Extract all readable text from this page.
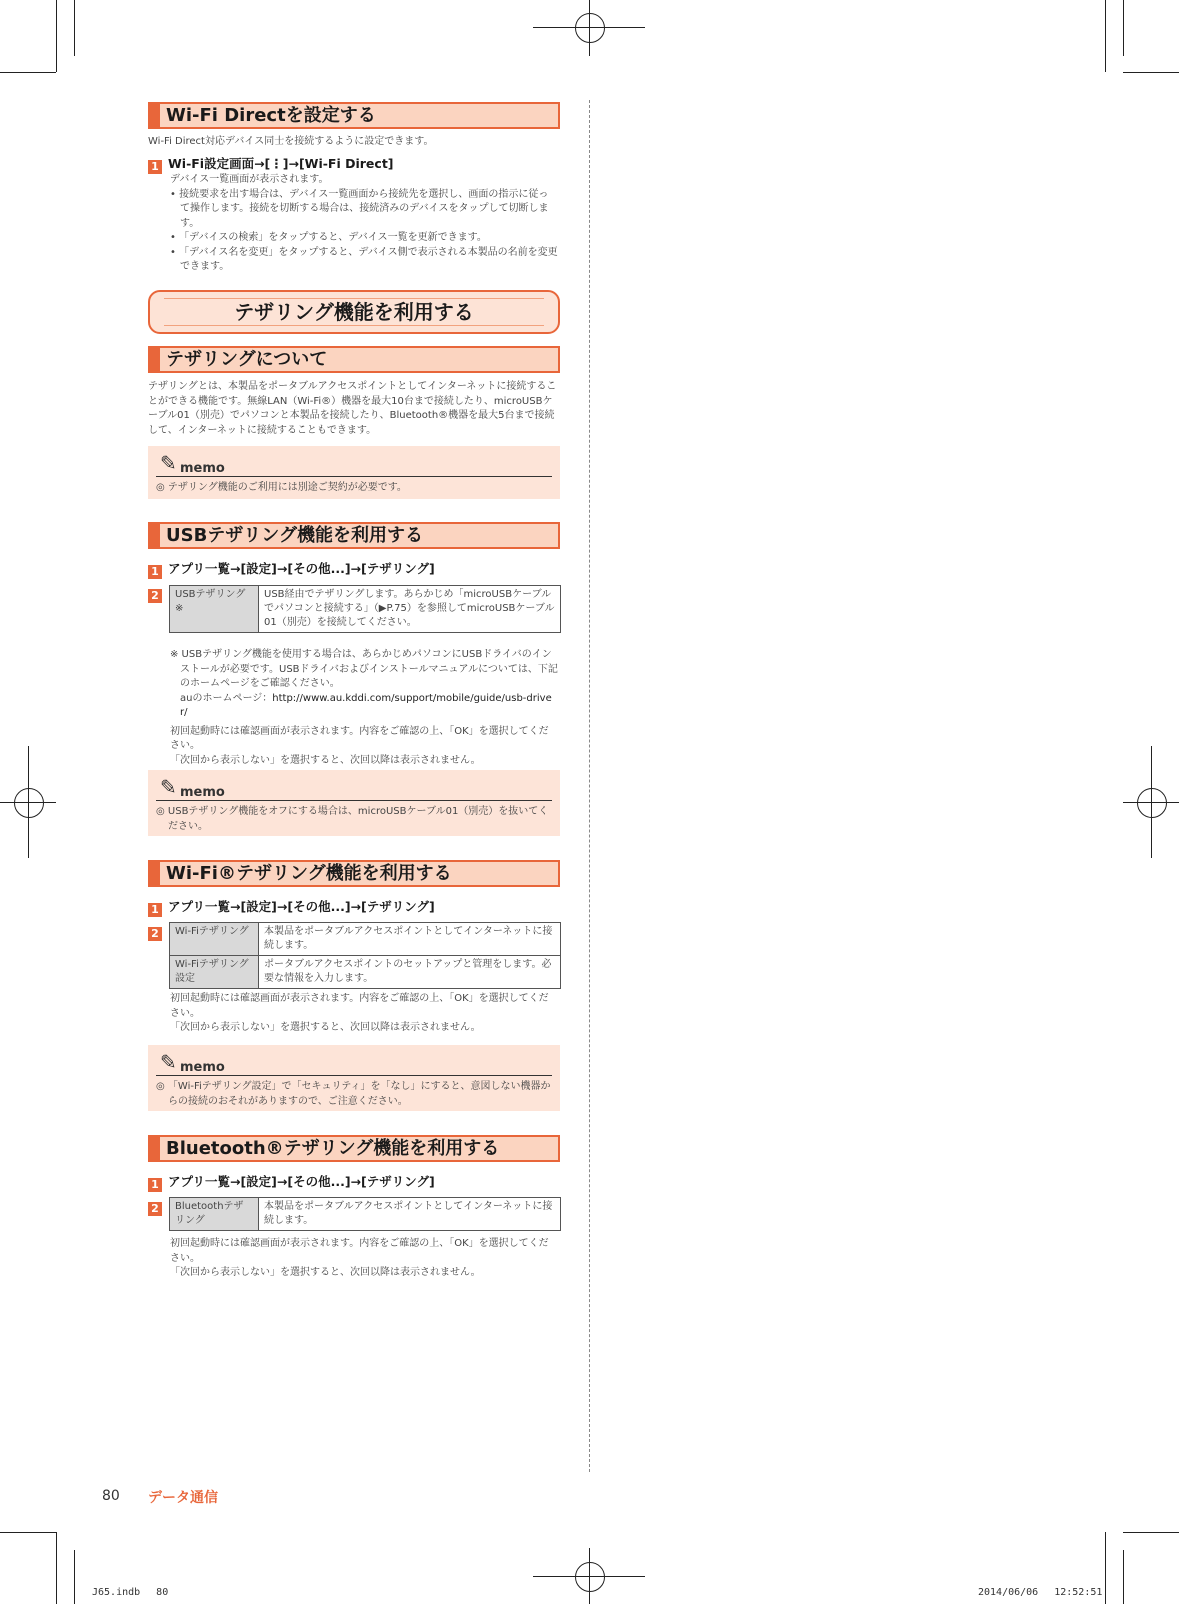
Wi-Fi Directを設定する
Wi-Fi Direct対応デバイス同士を接続するように設定できます。
1 Wi-Fi設定画面→[⋮]→[Wi-Fi Direct]
デバイス一覧画面が表示されます。
• 接続要求を出す場合は、デバイス一覧画面から接続先を選択し、画面の指示に従って操作します。接続を切断する場合は、接続済みのデバイスをタップして切断します。
• 「デバイスの検索」をタップすると、デバイス一覧を更新できます。
• 「デバイス名を変更」をタップすると、デバイス側で表示される本製品の名前を変更できます。
テザリング機能を利用する
テザリングについて
テザリングとは、本製品をポータブルアクセスポイントとしてインターネットに接続することができる機能です。無線LAN（Wi-Fi®）機器を最大10台まで接続したり、microUSBケーブル01（別売）でパソコンと本製品を接続したり、Bluetooth®機器を最大5台まで接続して、インターネットに接続することもできます。
✎ memo
◎ テザリング機能のご利用には別途ご契約が必要です。
USBテザリング機能を利用する
1 アプリ一覧→[設定]→[その他...]→[テザリング]
2	USBテザリング※	USB経由でテザリングします。あらかじめ「microUSBケーブルでパソコンと接続する」（▶P.75）を参照してmicroUSBケーブル01（別売）を接続してください。
※ USBテザリング機能を使用する場合は、あらかじめパソコンにUSBドライバのインストールが必要です。USBドライバおよびインストールマニュアルについては、下記のホームページをご確認ください。
auのホームページ：http://www.au.kddi.com/support/mobile/guide/usb-driver/
初回起動時には確認画面が表示されます。内容をご確認の上、「OK」を選択してください。
「次回から表示しない」を選択すると、次回以降は表示されません。
✎ memo
◎ USBテザリング機能をオフにする場合は、microUSBケーブル01（別売）を抜いてください。
Wi-Fi®テザリング機能を利用する
1 アプリ一覧→[設定]→[その他...]→[テザリング]
2	Wi-Fiテザリング	本製品をポータブルアクセスポイントとしてインターネットに接続します。
Wi-Fiテザリング設定	ポータブルアクセスポイントのセットアップと管理をします。必要な情報を入力します。
初回起動時には確認画面が表示されます。内容をご確認の上、「OK」を選択してください。
「次回から表示しない」を選択すると、次回以降は表示されません。
✎ memo
◎ 「Wi-Fiテザリング設定」で「セキュリティ」を「なし」にすると、意図しない機器からの接続のおそれがありますので、ご注意ください。
Bluetooth®テザリング機能を利用する
1 アプリ一覧→[設定]→[その他...]→[テザリング]
2	Bluetoothテザリング	本製品をポータブルアクセスポイントとしてインターネットに接続します。
初回起動時には確認画面が表示されます。内容をご確認の上、「OK」を選択してください。
「次回から表示しない」を選択すると、次回以降は表示されません。
80 データ通信
J65.indb　 80	2014/06/06　 12:52:51
